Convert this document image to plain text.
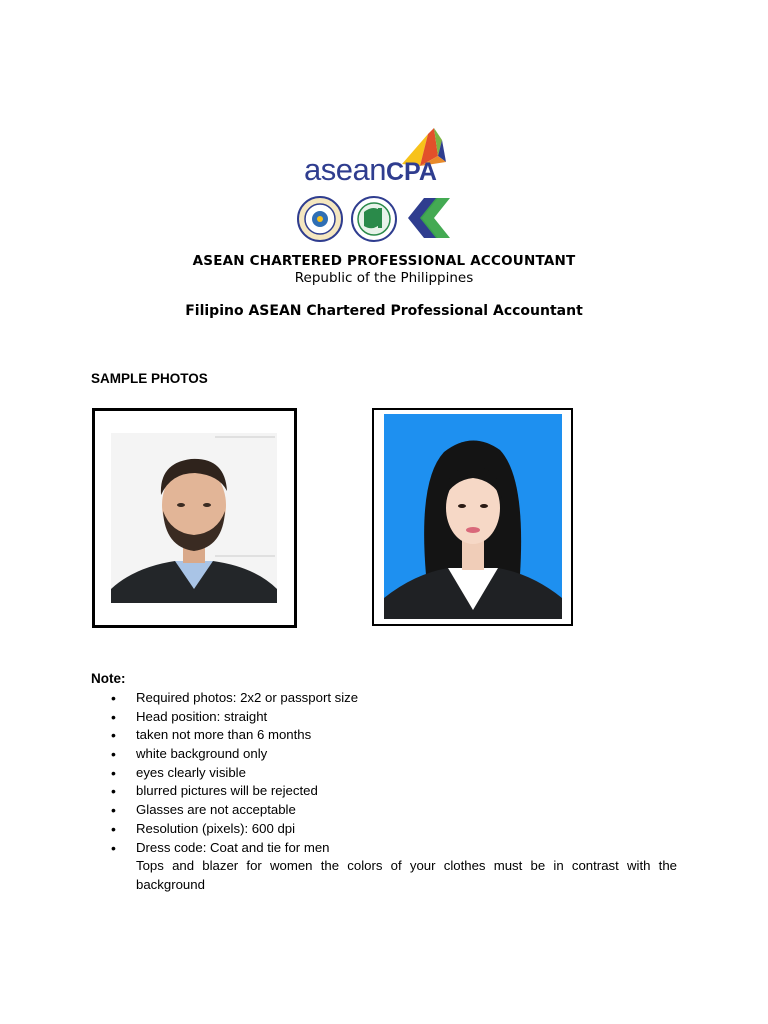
aseanCPA
ASEAN CHARTERED PROFESSIONAL ACCOUNTANT
Republic of the Philippines
Filipino ASEAN Chartered Professional Accountant
SAMPLE PHOTOS
Note:
• Required photos: 2x2 or passport size
• Head position: straight
• taken not more than 6 months
• white background only
• eyes clearly visible
• blurred pictures will be rejected
• Glasses are not acceptable
• Resolution (pixels): 600 dpi
• Dress code: Coat and tie for men
Tops and blazer for women the colors of your clothes must be in contrast with the background
